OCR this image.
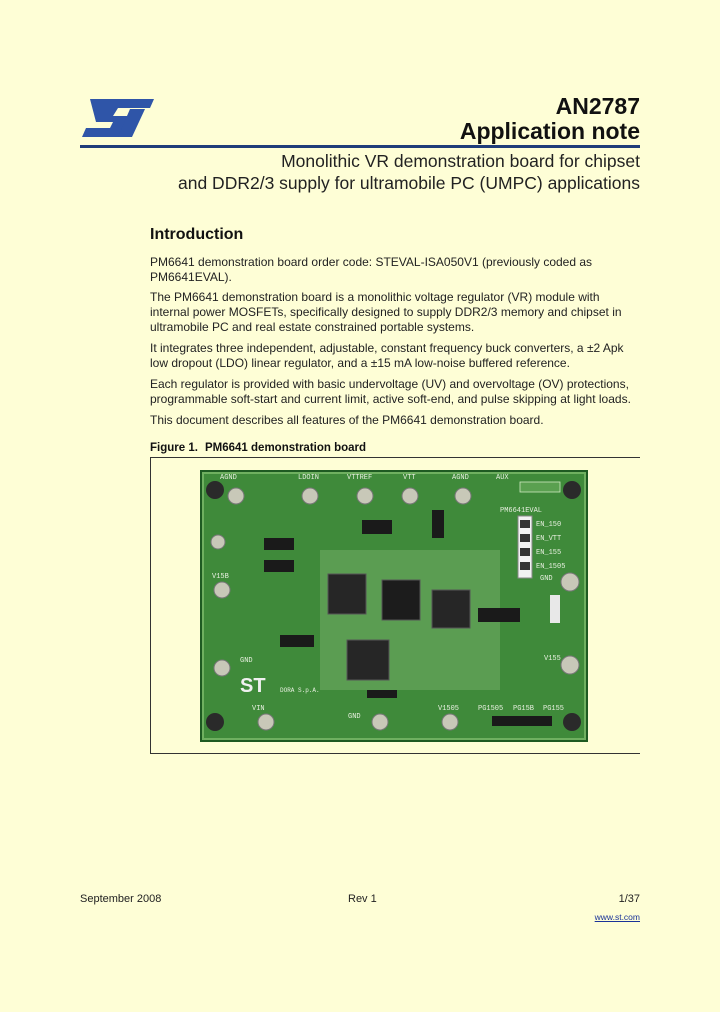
AN2787
Application note
Monolithic VR demonstration board for chipset
and DDR2/3 supply for ultramobile PC (UMPC) applications
Introduction
PM6641 demonstration board order code: STEVAL-ISA050V1 (previously coded as PM6641EVAL).
The PM6641 demonstration board is a monolithic voltage regulator (VR) module with internal power MOSFETs, specifically designed to supply DDR2/3 memory and chipset in ultramobile PC and real estate constrained portable systems.
It integrates three independent, adjustable, constant frequency buck converters, a ±2 Apk low dropout (LDO) linear regulator, and a ±15 mA low-noise buffered reference.
Each regulator is provided with basic undervoltage (UV) and overvoltage (OV) protections, programmable soft-start and current limit, active soft-end, and pulse skipping at light loads.
This document describes all features of the PM6641 demonstration board.
Figure 1. PM6641 demonstration board
AGND	LDOIN	VTTREF	VTT	AGND	AUX
PM6641EVAL
EN_150
EN_VTT
EN_155
EN_1505
V15B
GND
GND
V155
ST DORA S.p.A.
VIN
GND
V1505	PG1505 PG15B PG155
September 2008	Rev 1	1/37
www.st.com
